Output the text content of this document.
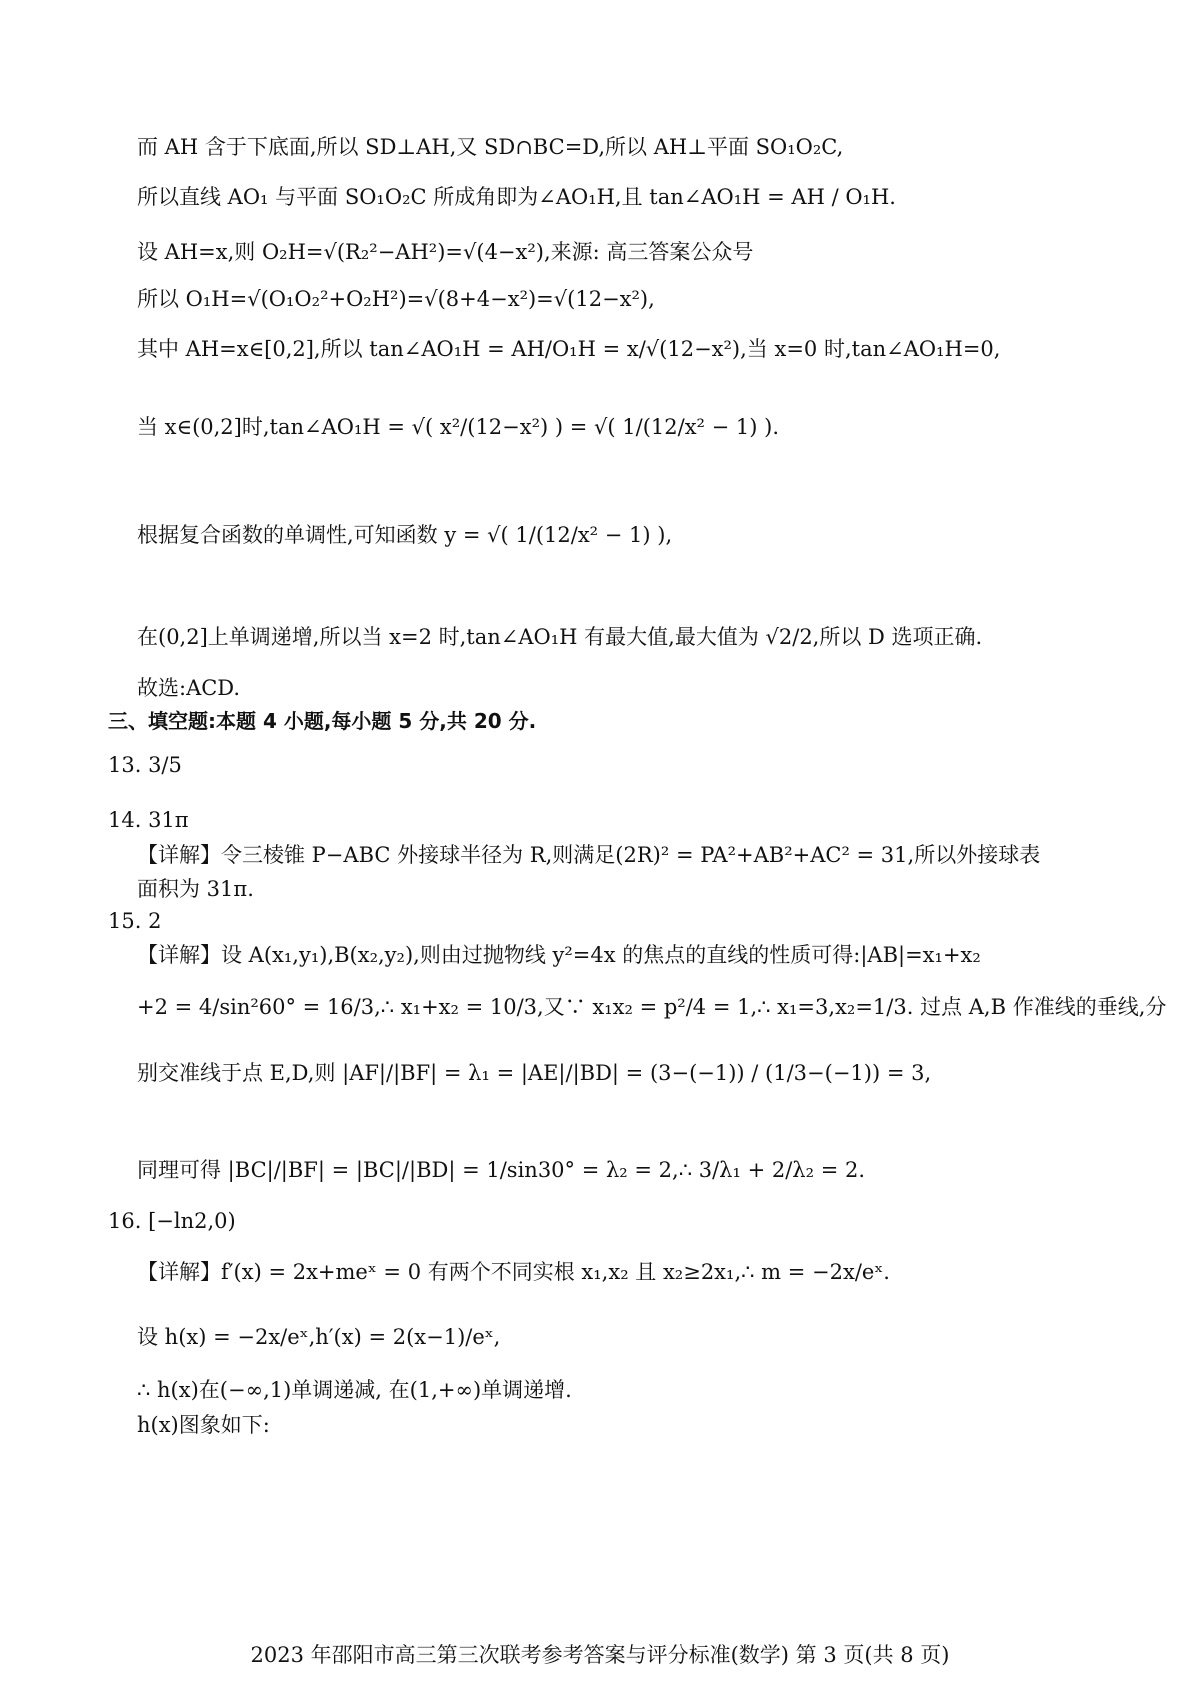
而 AH 含于下底面,所以 SD⊥AH,又 SD∩BC=D,所以 AH⊥平面 SO₁O₂C,
所以直线 AO₁ 与平面 SO₁O₂C 所成角即为∠AO₁H,且 tan∠AO₁H = AH / O₁H.
设 AH=x,则 O₂H=√(R₂²−AH²)=√(4−x²),来源: 高三答案公众号
所以 O₁H=√(O₁O₂²+O₂H²)=√(8+4−x²)=√(12−x²),
其中 AH=x∈[0,2],所以 tan∠AO₁H = AH/O₁H = x/√(12−x²),当 x=0 时,tan∠AO₁H=0,
当 x∈(0,2]时,tan∠AO₁H = √( x²/(12−x²) ) = √( 1/(12/x² − 1) ).
根据复合函数的单调性,可知函数 y = √( 1/(12/x² − 1) ),
在(0,2]上单调递增,所以当 x=2 时,tan∠AO₁H 有最大值,最大值为 √2/2,所以 D 选项正确.
故选:ACD.
三、填空题:本题 4 小题,每小题 5 分,共 20 分.
13. 3/5
14. 31π
【详解】令三棱锥 P−ABC 外接球半径为 R,则满足(2R)² = PA²+AB²+AC² = 31,所以外接球表
面积为 31π.
15. 2
【详解】设 A(x₁,y₁),B(x₂,y₂),则由过抛物线 y²=4x 的焦点的直线的性质可得:|AB|=x₁+x₂
+2 = 4/sin²60° = 16/3,∴ x₁+x₂ = 10/3,又∵ x₁x₂ = p²/4 = 1,∴ x₁=3,x₂=1/3. 过点 A,B 作准线的垂线,分
别交准线于点 E,D,则 |AF|/|BF| = λ₁ = |AE|/|BD| = (3−(−1)) / (1/3−(−1)) = 3,
同理可得 |BC|/|BF| = |BC|/|BD| = 1/sin30° = λ₂ = 2,∴ 3/λ₁ + 2/λ₂ = 2.
16. [−ln2,0)
【详解】f′(x) = 2x+meˣ = 0 有两个不同实根 x₁,x₂ 且 x₂≥2x₁,∴ m = −2x/eˣ.
设 h(x) = −2x/eˣ,h′(x) = 2(x−1)/eˣ,
∴ h(x)在(−∞,1)单调递减, 在(1,+∞)单调递增.
h(x)图象如下:
2023 年邵阳市高三第三次联考参考答案与评分标准(数学) 第 3 页(共 8 页)
